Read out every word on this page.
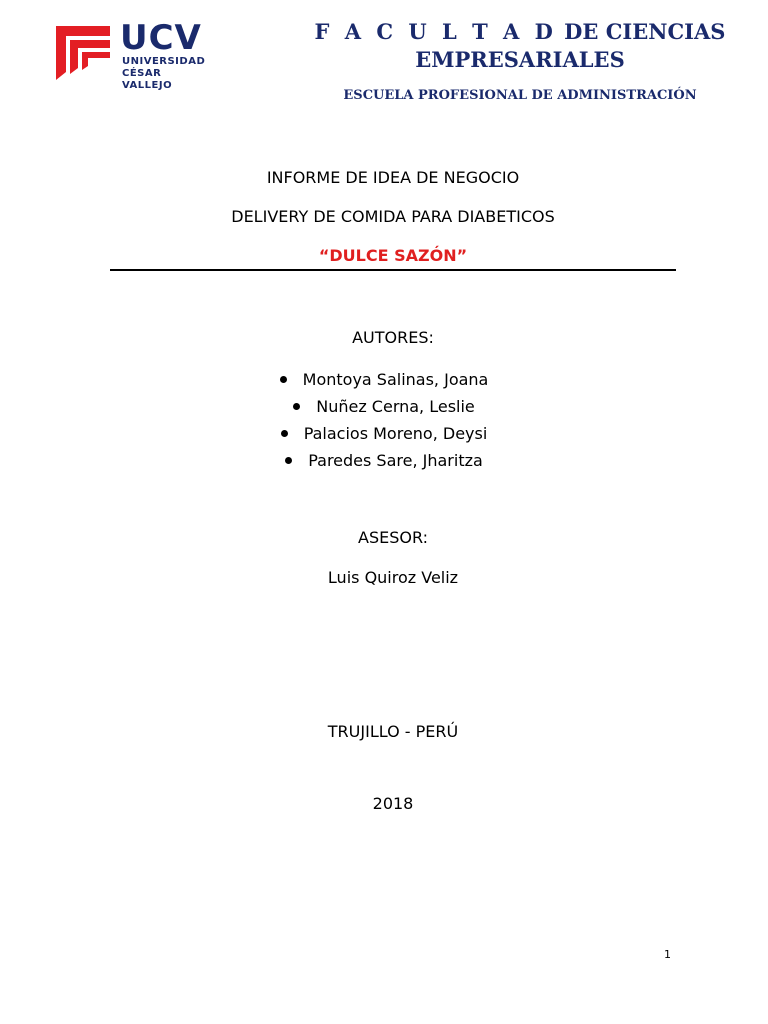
UCV
UNIVERSIDAD
CÉSAR VALLEJO
F A C U L T A D DE CIENCIAS
EMPRESARIALES
ESCUELA PROFESIONAL DE ADMINISTRACIÓN
INFORME DE IDEA DE NEGOCIO
DELIVERY DE COMIDA PARA DIABETICOS
“DULCE SAZÓN”
AUTORES:
Montoya Salinas, Joana
Nuñez Cerna, Leslie
Palacios Moreno, Deysi
Paredes Sare, Jharitza
ASESOR:
Luis Quiroz Veliz
TRUJILLO - PERÚ
2018
1
